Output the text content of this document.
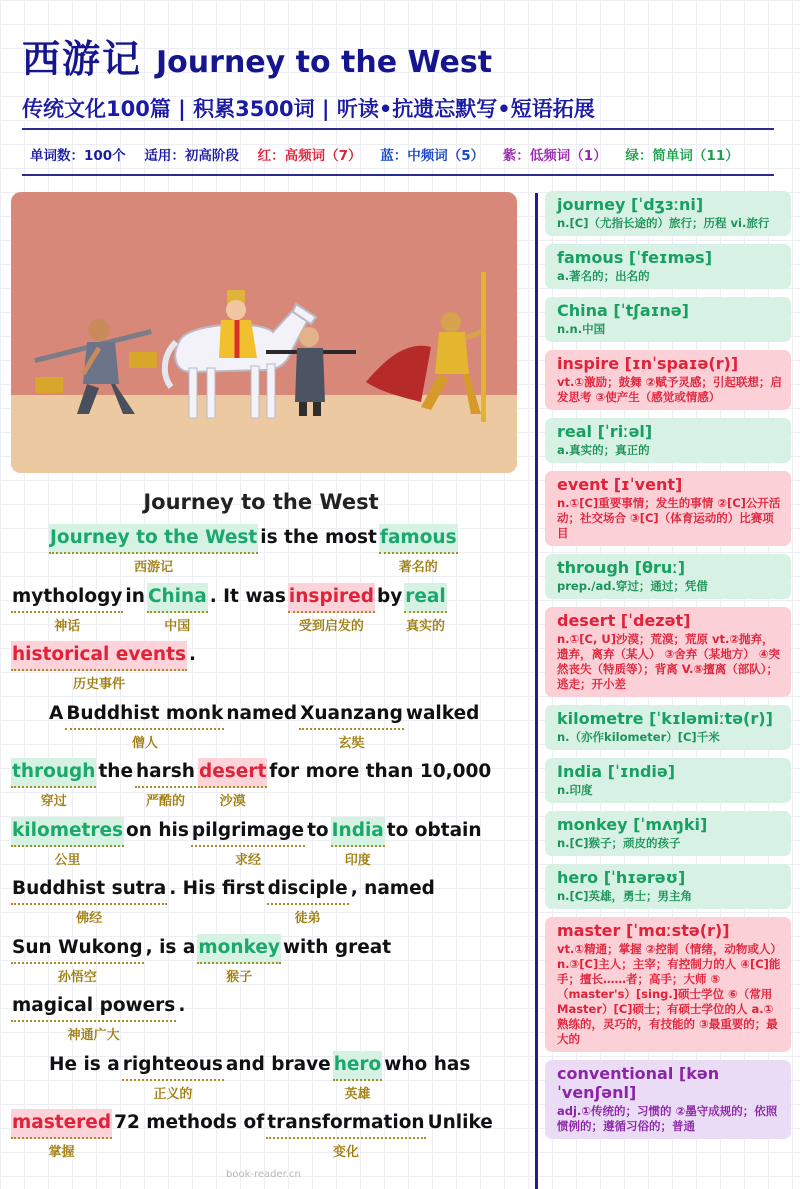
西游记 Journey to the West
传统文化100篇 | 积累3500词 | 听读•抗遗忘默写•短语拓展
单词数：100个 适用：初高阶段 红：高频词（7） 蓝：中频词（5） 紫：低频词（1） 绿：简单词（11）
Journey to the West
Journey to the West
西游记
is the most famous
著名的
mythology
神话
in China
中国
. It was inspired
受到启发的
by real
真实的
historical events
历史事件
.
A Buddhist monk
僧人
named Xuanzang
玄奘
walked
through
穿过
the harsh
严酷的
desert
沙漠
for more than 10,000
kilometres
公里
on his pilgrimage
求经
to India
印度
to obtain
Buddhist sutra
佛经
. His first disciple
徒弟
, named
Sun Wukong
孙悟空
, is a monkey
猴子
with great
magical powers
神通广大
.
He is a righteous
正义的
and brave hero
英雄
who has
mastered
掌握
72 methods of transformation
变化
Unlike
journey [ˈdʒɜːni]
n.[C]（尤指长途的）旅行；历程 vi.旅行
famous [ˈfeɪməs]
a.著名的；出名的
China [ˈtʃaɪnə]
n.n.中国
inspire [ɪnˈspaɪə(r)]
vt.①激励；鼓舞 ②赋予灵感；引起联想；启发思考 ③使产生（感觉或情感）
real [ˈriːəl]
a.真实的；真正的
event [ɪˈvent]
n.①[C]重要事情；发生的事情 ②[C]公开活动；社交场合 ③[C]（体育运动的）比赛项目
through [θruː]
prep./ad.穿过；通过；凭借
desert [ˈdezət]
n.①[C, U]沙漠；荒漠；荒原 vt.②抛弃，遗弃，离弃（某人） ③舍弃（某地方） ④突然丧失（特质等）；背离 V.⑤擅离（部队）；逃走；开小差
kilometre [ˈkɪləmiːtə(r)]
n.（亦作kilometer）[C]千米
India [ˈɪndiə]
n.印度
monkey [ˈmʌŋki]
n.[C]猴子；顽皮的孩子
hero [ˈhɪərəʊ]
n.[C]英雄，勇士；男主角
master [ˈmɑːstə(r)]
vt.①精通；掌握 ②控制（情绪，动物或人） n.③[C]主人；主宰；有控制力的人 ④[C]能手；擅长……者；高手；大师 ⑤（master's）[sing.]硕士学位 ⑥（常用Master）[C]硕士；有硕士学位的人 a.①熟练的，灵巧的，有技能的 ③最重要的；最大的
conventional [kənˈvenʃənl]
adj.①传统的；习惯的 ②墨守成规的；依照惯例的；遵循习俗的；普通
book-reader.cn
